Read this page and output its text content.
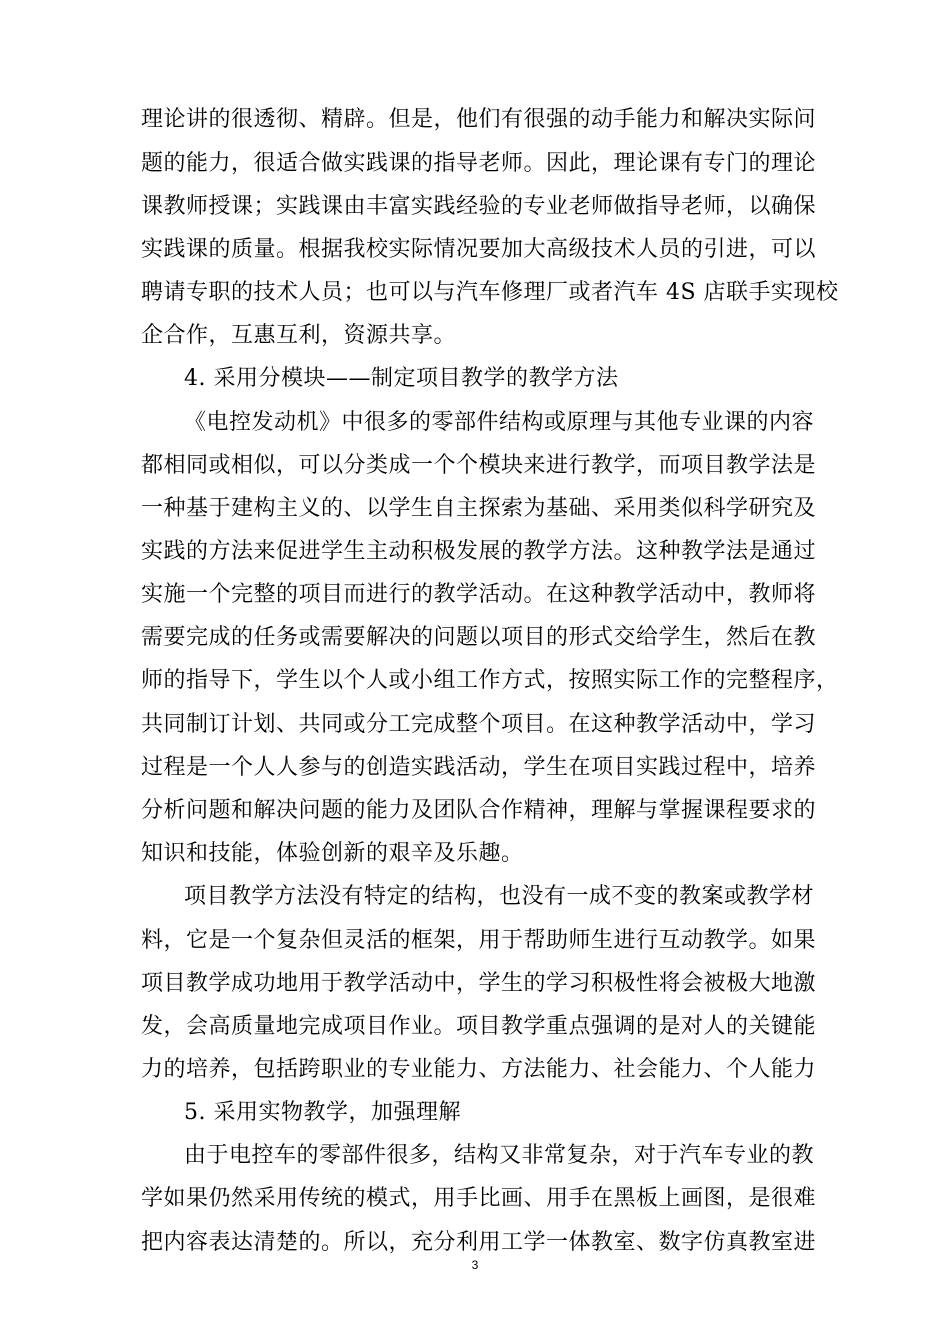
理论讲的很透彻、精辟。但是，他们有很强的动手能力和解决实际问
题的能力，很适合做实践课的指导老师。因此，理论课有专门的理论
课教师授课；实践课由丰富实践经验的专业老师做指导老师，以确保
实践课的质量。根据我校实际情况要加大高级技术人员的引进，可以
聘请专职的技术人员；也可以与汽车修理厂或者汽车 4S 店联手实现校
企合作，互惠互利，资源共享。
4. 采用分模块——制定项目教学的教学方法
《电控发动机》中很多的零部件结构或原理与其他专业课的内容
都相同或相似，可以分类成一个个模块来进行教学，而项目教学法是
一种基于建构主义的、以学生自主探索为基础、采用类似科学研究及
实践的方法来促进学生主动积极发展的教学方法。这种教学法是通过
实施一个完整的项目而进行的教学活动。在这种教学活动中，教师将
需要完成的任务或需要解决的问题以项目的形式交给学生，然后在教
师的指导下，学生以个人或小组工作方式，按照实际工作的完整程序，
共同制订计划、共同或分工完成整个项目。在这种教学活动中，学习
过程是一个人人参与的创造实践活动，学生在项目实践过程中，培养
分析问题和解决问题的能力及团队合作精神，理解与掌握课程要求的
知识和技能，体验创新的艰辛及乐趣。
项目教学方法没有特定的结构，也没有一成不变的教案或教学材
料，它是一个复杂但灵活的框架，用于帮助师生进行互动教学。如果
项目教学成功地用于教学活动中，学生的学习积极性将会被极大地激
发，会高质量地完成项目作业。项目教学重点强调的是对人的关键能
力的培养，包括跨职业的专业能力、方法能力、社会能力、个人能力
5. 采用实物教学，加强理解
由于电控车的零部件很多，结构又非常复杂，对于汽车专业的教
学如果仍然采用传统的模式，用手比画、用手在黑板上画图，是很难
把内容表达清楚的。所以，充分利用工学一体教室、数字仿真教室进
3
